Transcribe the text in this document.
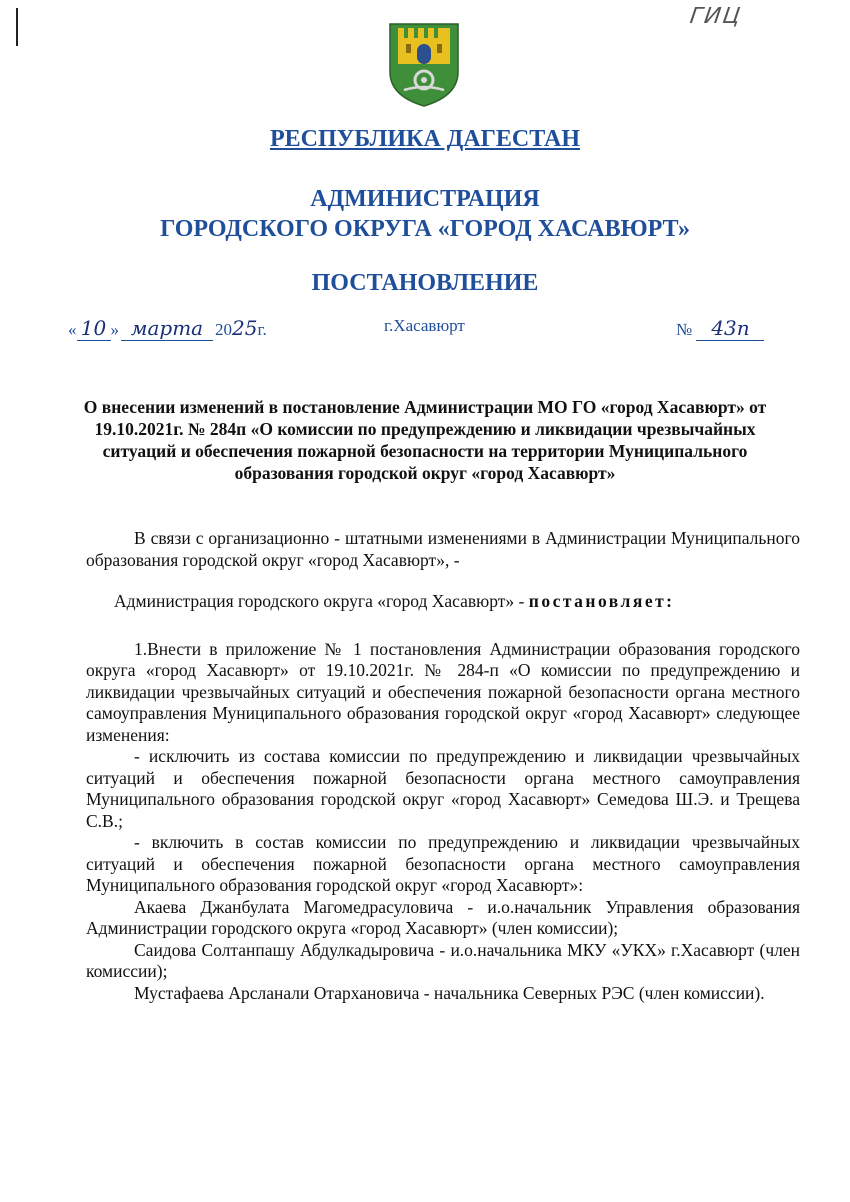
ГИЦ
РЕСПУБЛИКА ДАГЕСТАН
АДМИНИСТРАЦИЯ
ГОРОДСКОГО ОКРУГА «ГОРОД ХАСАВЮРТ»
ПОСТАНОВЛЕНИЕ
« 10 » марта 2025г.	г.Хасавюрт	№ 43п
О внесении изменений в постановление Администрации МО ГО «город Хасавюрт» от 19.10.2021г. № 284п «О комиссии по предупреждению и ликвидации чрезвычайных ситуаций и обеспечения пожарной безопасности на территории Муниципального образования городской округ «город Хасавюрт»

В связи с организационно - штатными изменениями в Администрации Муниципального образования городской округ «город Хасавюрт», -

Администрация городского округа «город Хасавюрт» - постановляет:

1.Внести в приложение № 1 постановления Администрации образования городского округа «город Хасавюрт» от 19.10.2021г. № 284-п «О комиссии по предупреждению и ликвидации чрезвычайных ситуаций и обеспечения пожарной безопасности органа местного самоуправления Муниципального образования городской округ «город Хасавюрт» следующее изменения:

- исключить из состава комиссии по предупреждению и ликвидации чрезвычайных ситуаций и обеспечения пожарной безопасности органа местного самоуправления Муниципального образования городской округ «город Хасавюрт» Семедова Ш.Э. и Трещева С.В.;

- включить в состав комиссии по предупреждению и ликвидации чрезвычайных ситуаций и обеспечения пожарной безопасности органа местного самоуправления Муниципального образования городской округ «город Хасавюрт»:

Акаева Джанбулата Магомедрасуловича - и.о.начальник Управления образования Администрации городского округа «город Хасавюрт» (член комиссии);

Саидова Солтанпашу Абдулкадыровича - и.о.начальника МКУ «УКХ» г.Хасавюрт (член комиссии);

Мустафаева Арсланали Отархановича - начальника Северных РЭС (член комиссии).
